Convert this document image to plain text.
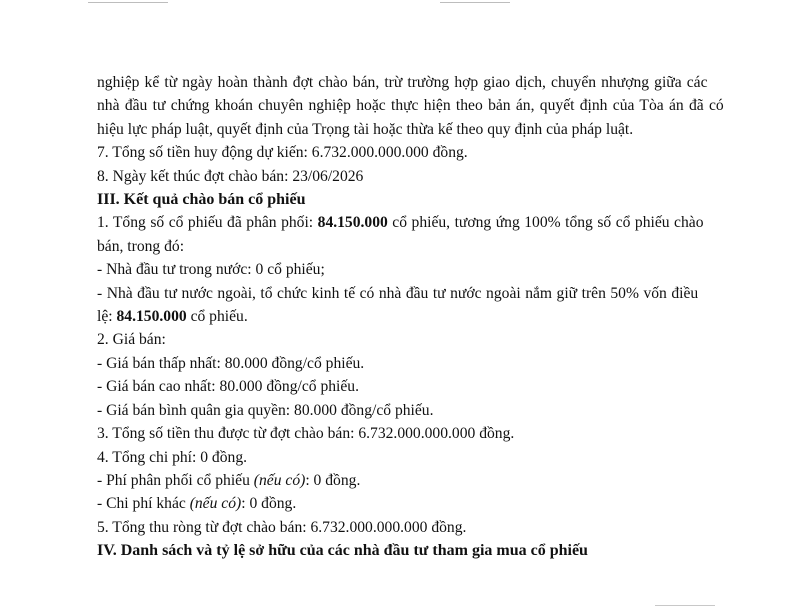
nghiệp kể từ ngày hoàn thành đợt chào bán, trừ trường hợp giao dịch, chuyển nhượng giữa các

nhà đầu tư chứng khoán chuyên nghiệp hoặc thực hiện theo bản án, quyết định của Tòa án đã có

hiệu lực pháp luật, quyết định của Trọng tài hoặc thừa kế theo quy định của pháp luật.

7. Tổng số tiền huy động dự kiến: 6.732.000.000.000 đồng.

8. Ngày kết thúc đợt chào bán: 23/06/2026

III. Kết quả chào bán cổ phiếu

1. Tổng số cổ phiếu đã phân phối: 84.150.000 cổ phiếu, tương ứng 100% tổng số cổ phiếu chào

bán, trong đó:

- Nhà đầu tư trong nước: 0 cổ phiếu;

- Nhà đầu tư nước ngoài, tổ chức kinh tế có nhà đầu tư nước ngoài nắm giữ trên 50% vốn điều

lệ: 84.150.000 cổ phiếu.

2. Giá bán:

- Giá bán thấp nhất: 80.000 đồng/cổ phiếu.

- Giá bán cao nhất: 80.000 đồng/cổ phiếu.

- Giá bán bình quân gia quyền: 80.000 đồng/cổ phiếu.

3. Tổng số tiền thu được từ đợt chào bán: 6.732.000.000.000 đồng.

4. Tổng chi phí: 0 đồng.

- Phí phân phối cổ phiếu (nếu có): 0 đồng.

- Chi phí khác (nếu có): 0 đồng.

5. Tổng thu ròng từ đợt chào bán: 6.732.000.000.000 đồng.

IV. Danh sách và tỷ lệ sở hữu của các nhà đầu tư tham gia mua cổ phiếu
